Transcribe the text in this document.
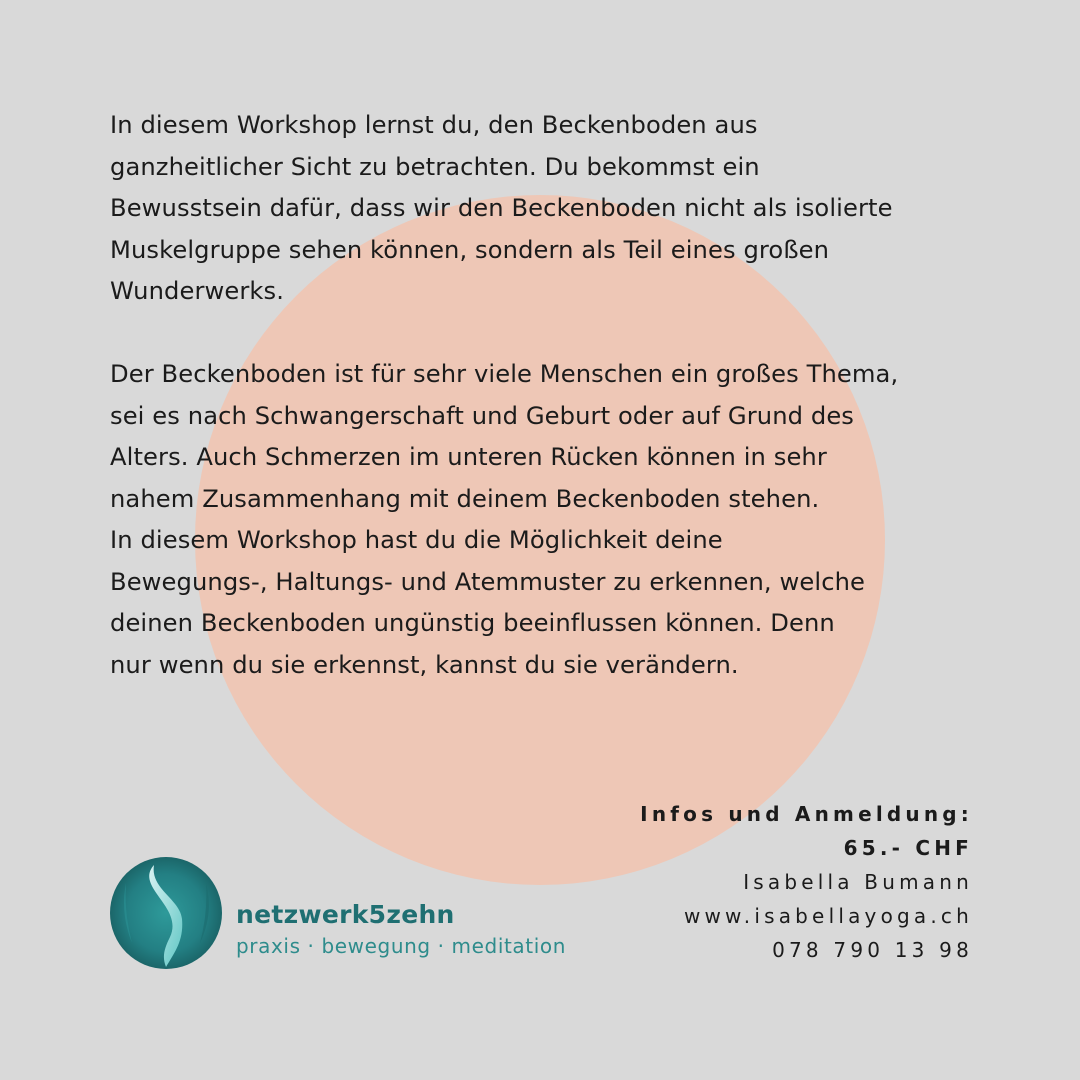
In diesem Workshop lernst du, den Beckenboden aus
ganzheitlicher Sicht zu betrachten. Du bekommst ein
Bewusstsein dafür, dass wir den Beckenboden nicht als isolierte
Muskelgruppe sehen können, sondern als Teil eines großen
Wunderwerks.

Der Beckenboden ist für sehr viele Menschen ein großes Thema,
sei es nach Schwangerschaft und Geburt oder auf Grund des
Alters. Auch Schmerzen im unteren Rücken können in sehr
nahem Zusammenhang mit deinem Beckenboden stehen.
In diesem Workshop hast du die Möglichkeit deine
Bewegungs-, Haltungs- und Atemmuster zu erkennen, welche
deinen Beckenboden ungünstig beeinflussen können. Denn
nur wenn du sie erkennst, kannst du sie verändern.

Infos und Anmeldung:
65.- CHF
Isabella Bumann
www.isabellayoga.ch
078 790 13 98
netzwerk5zehn
praxis · bewegung · meditation
